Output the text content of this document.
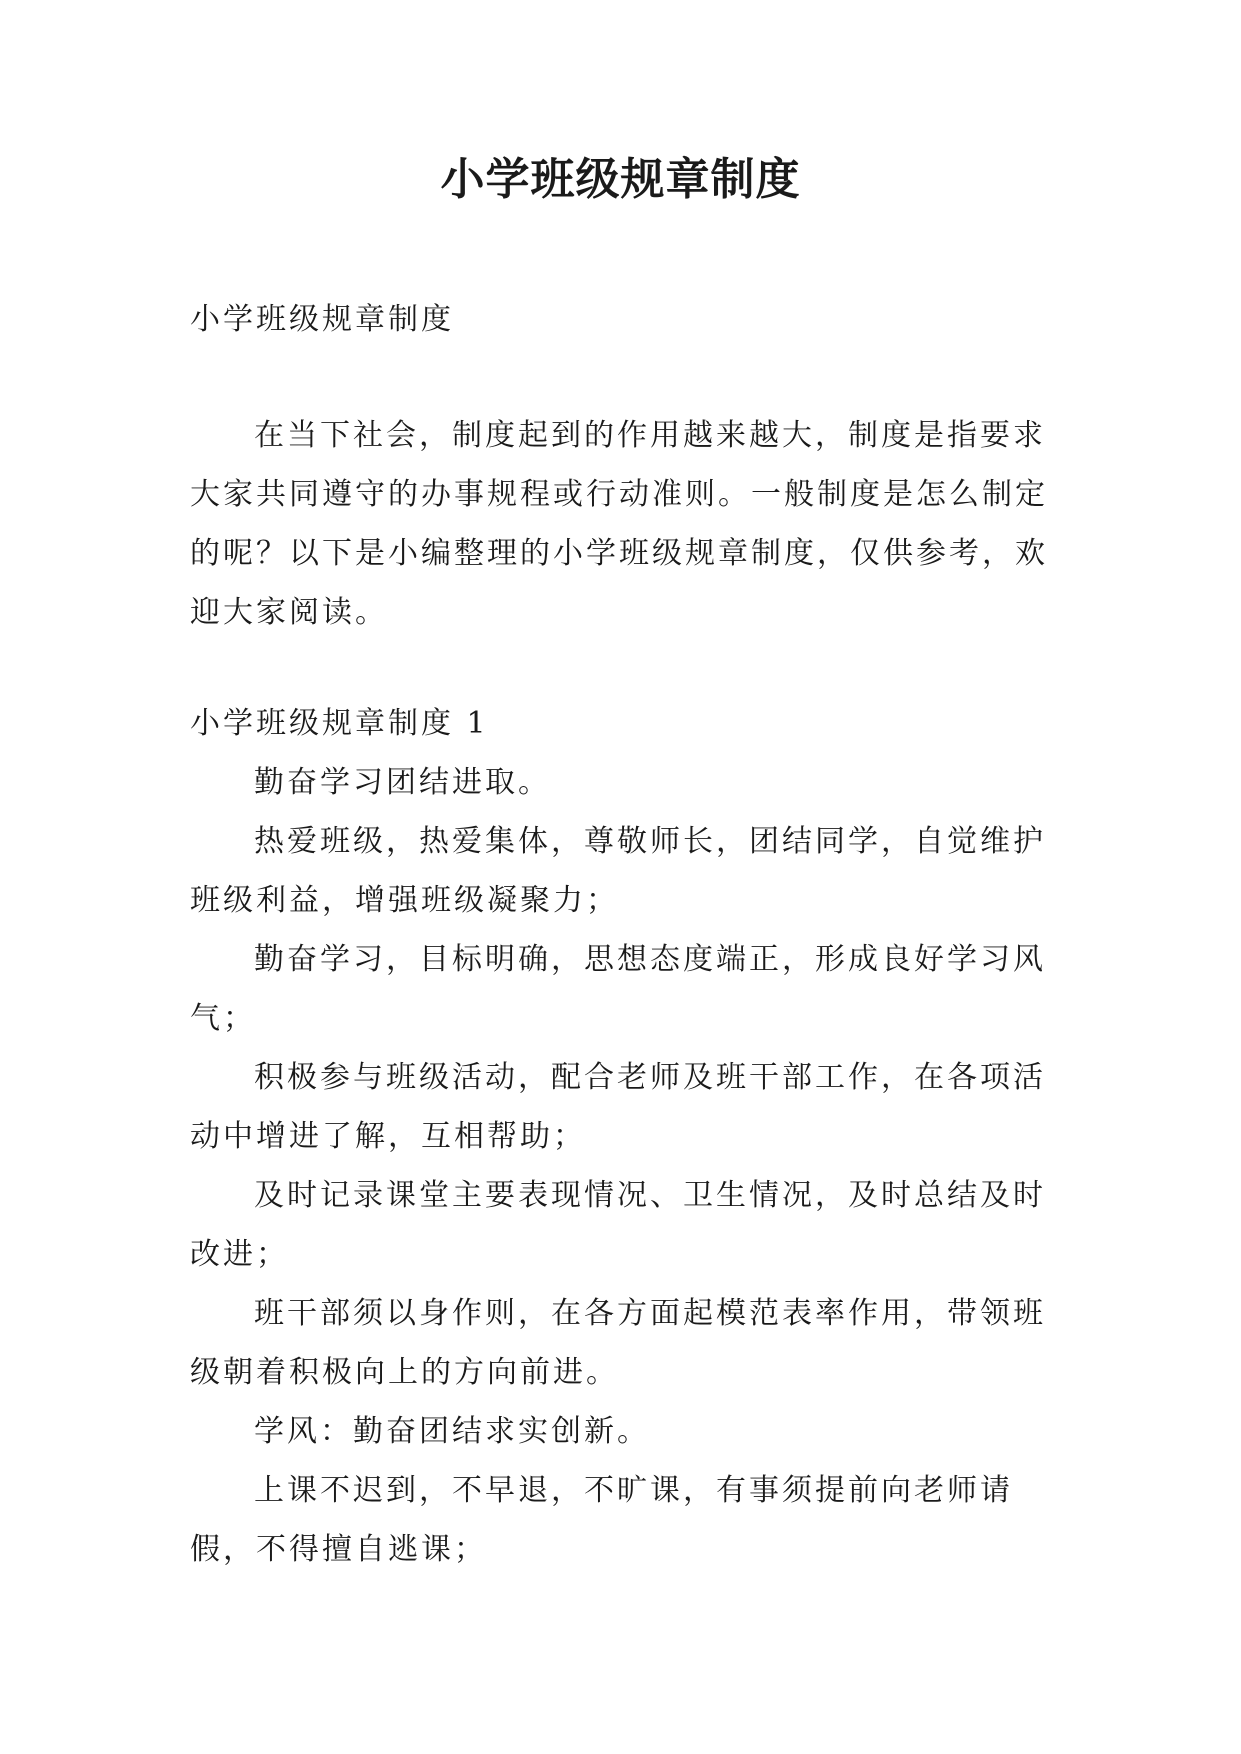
小学班级规章制度

小学班级规章制度

在当下社会，制度起到的作用越来越大，制度是指要求大家共同遵守的办事规程或行动准则。一般制度是怎么制定的呢？以下是小编整理的小学班级规章制度，仅供参考，欢迎大家阅读。

小学班级规章制度 1

勤奋学习团结进取。

热爱班级，热爱集体，尊敬师长，团结同学，自觉维护班级利益，增强班级凝聚力；

勤奋学习，目标明确，思想态度端正，形成良好学习风气；

积极参与班级活动，配合老师及班干部工作，在各项活动中增进了解，互相帮助；

及时记录课堂主要表现情况、卫生情况，及时总结及时改进；

班干部须以身作则，在各方面起模范表率作用，带领班级朝着积极向上的方向前进。

学风：勤奋团结求实创新。

上课不迟到，不早退，不旷课，有事须提前向老师请假，不得擅自逃课；
